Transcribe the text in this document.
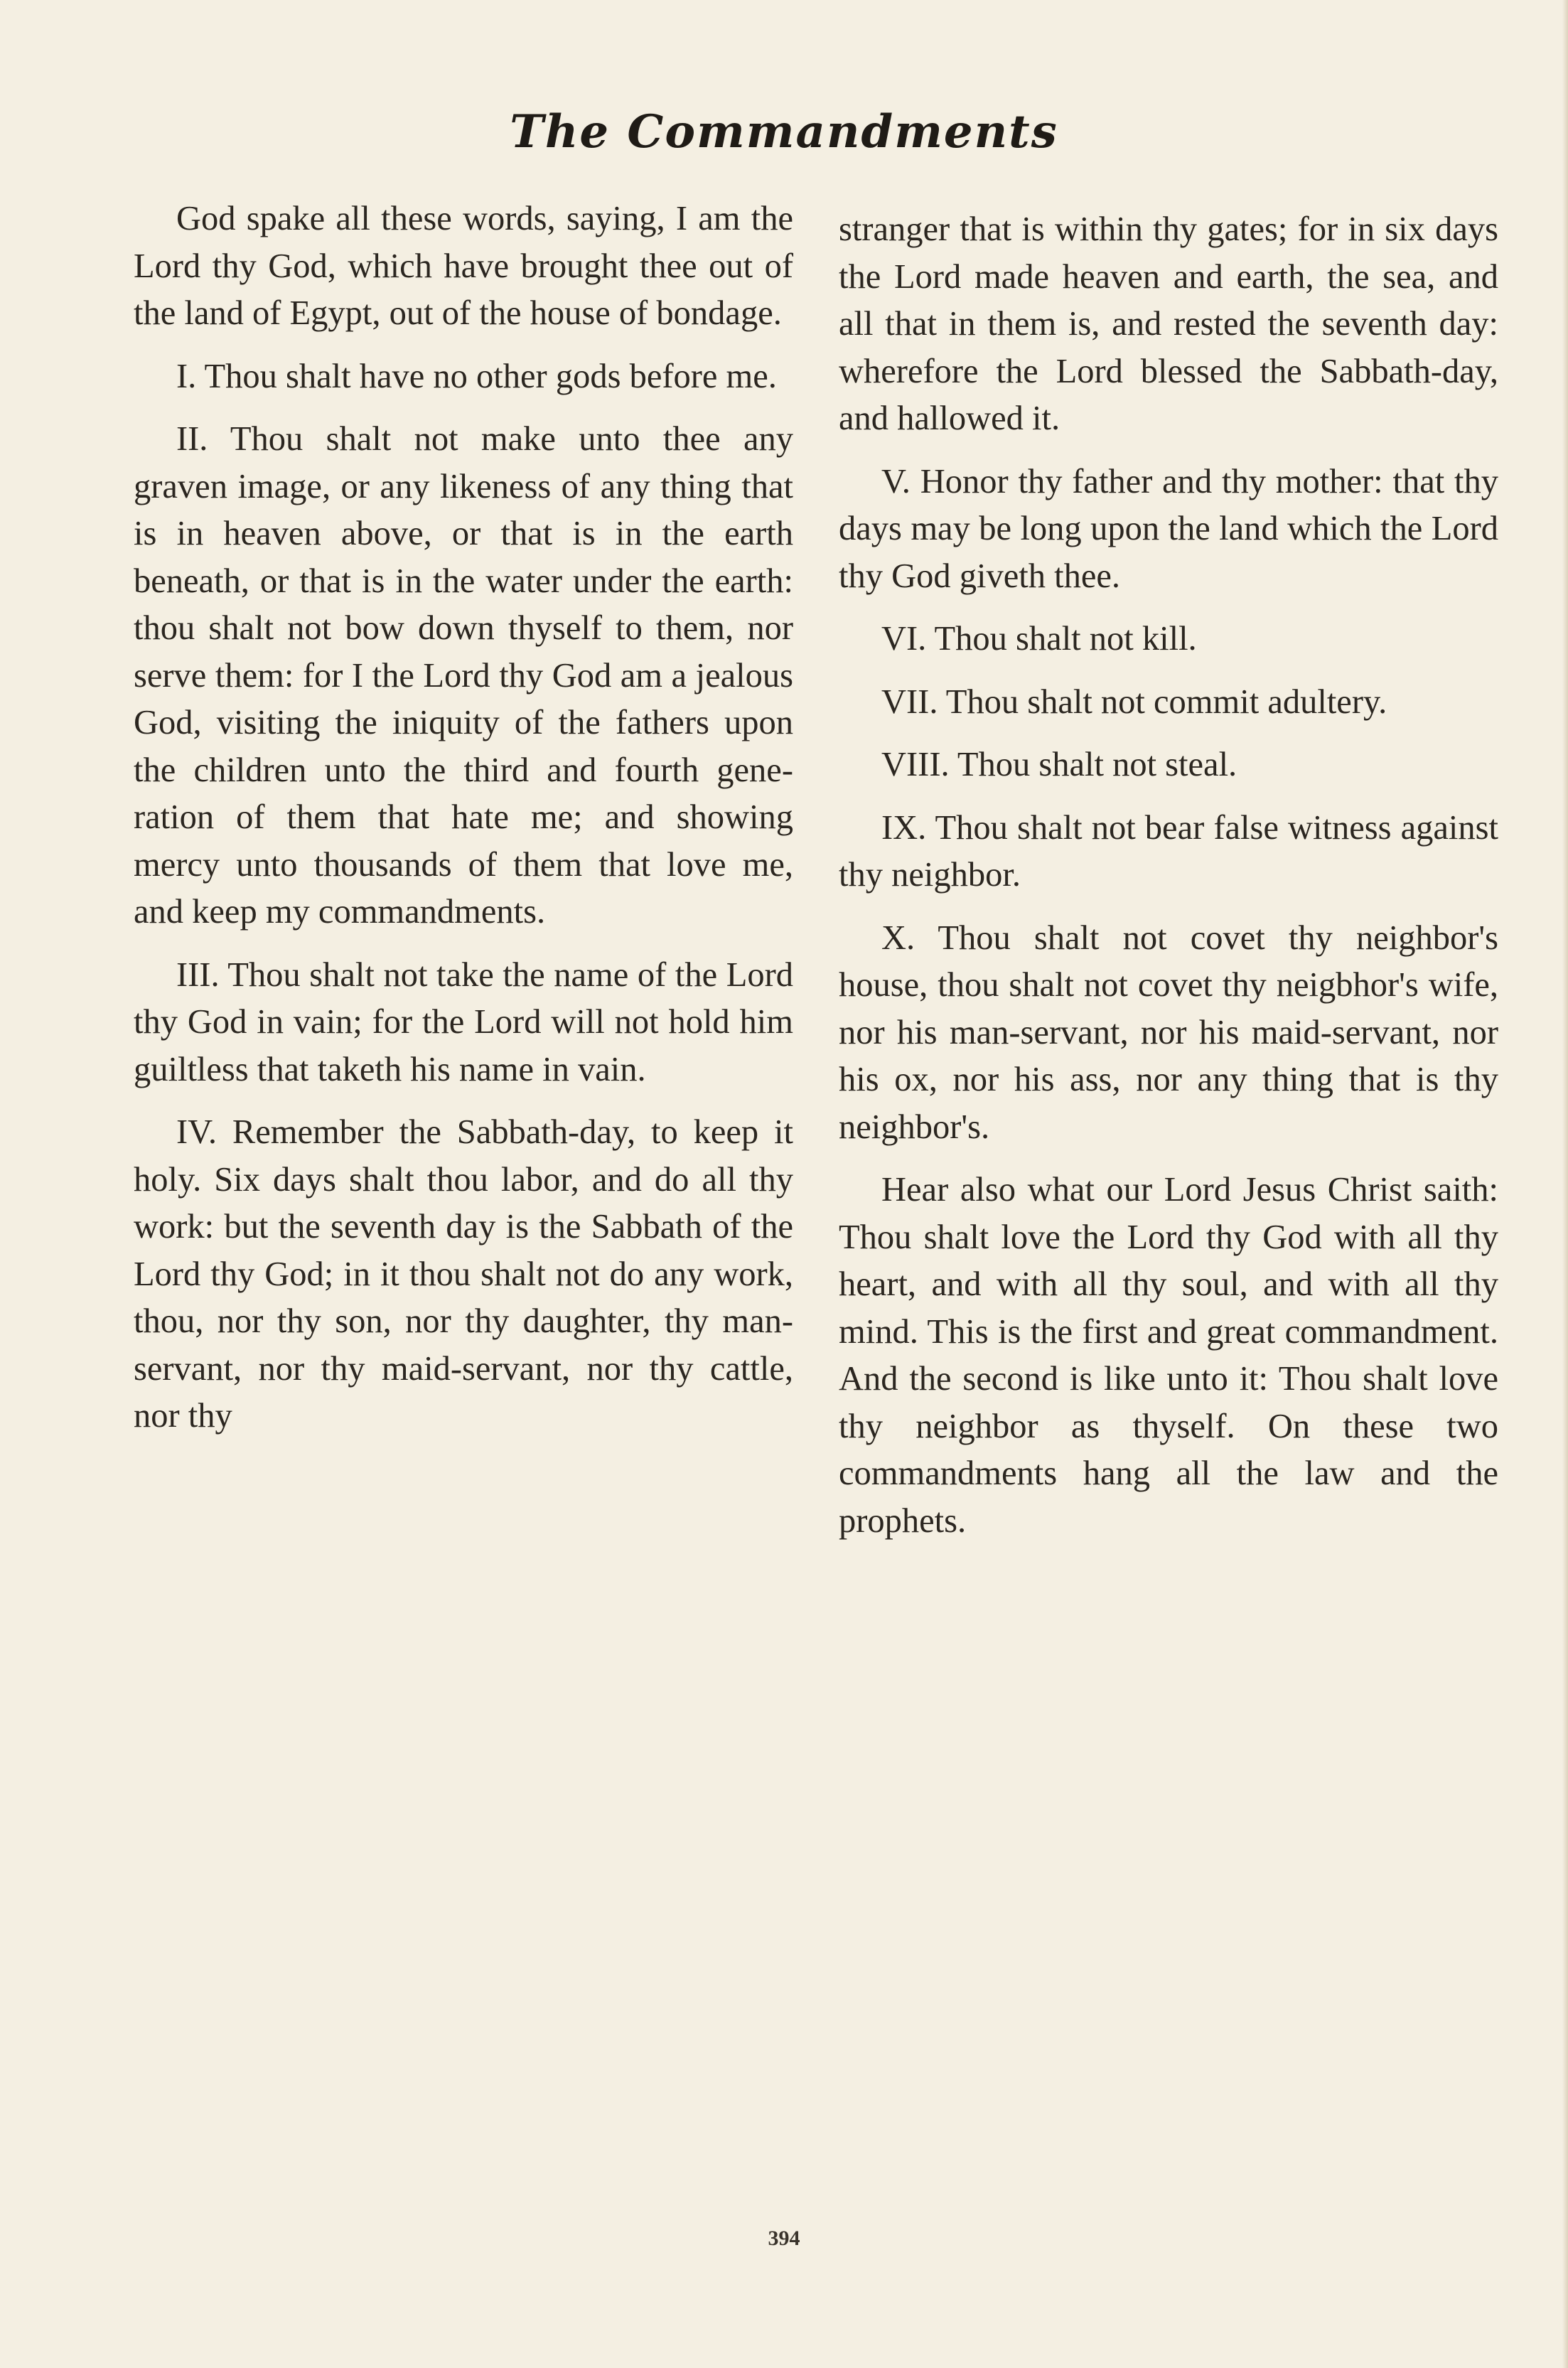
The Commandments

God spake all these words, saying, I am the Lord thy God, which have brought thee out of the land of Egypt, out of the house of bondage.

I. Thou shalt have no other gods before me.

II. Thou shalt not make unto thee any graven image, or any likeness of any thing that is in heaven above, or that is in the earth beneath, or that is in the water under the earth: thou shalt not bow down thyself to them, nor serve them: for I the Lord thy God am a jealous God, visiting the iniquity of the fathers upon the children unto the third and fourth generation of them that hate me; and showing mercy unto thousands of them that love me, and keep my commandments.

III. Thou shalt not take the name of the Lord thy God in vain; for the Lord will not hold him guiltless that taketh his name in vain.

IV. Remember the Sabbath-day, to keep it holy. Six days shalt thou labor, and do all thy work: but the seventh day is the Sabbath of the Lord thy God; in it thou shalt not do any work, thou, nor thy son, nor thy daughter, thy man-servant, nor thy maid-servant, nor thy cattle, nor thy

stranger that is within thy gates; for in six days the Lord made heaven and earth, the sea, and all that in them is, and rested the seventh day: wherefore the Lord blessed the Sabbath-day, and hallowed it.

V. Honor thy father and thy mother: that thy days may be long upon the land which the Lord thy God giveth thee.

VI. Thou shalt not kill.

VII. Thou shalt not commit adultery.

VIII. Thou shalt not steal.

IX. Thou shalt not bear false witness against thy neighbor.

X. Thou shalt not covet thy neighbor's house, thou shalt not covet thy neigbhor's wife, nor his man-servant, nor his maid-servant, nor his ox, nor his ass, nor any thing that is thy neighbor's.

Hear also what our Lord Jesus Christ saith: Thou shalt love the Lord thy God with all thy heart, and with all thy soul, and with all thy mind. This is the first and great commandment. And the second is like unto it: Thou shalt love thy neighbor as thyself. On these two commandments hang all the law and the prophets.

394
